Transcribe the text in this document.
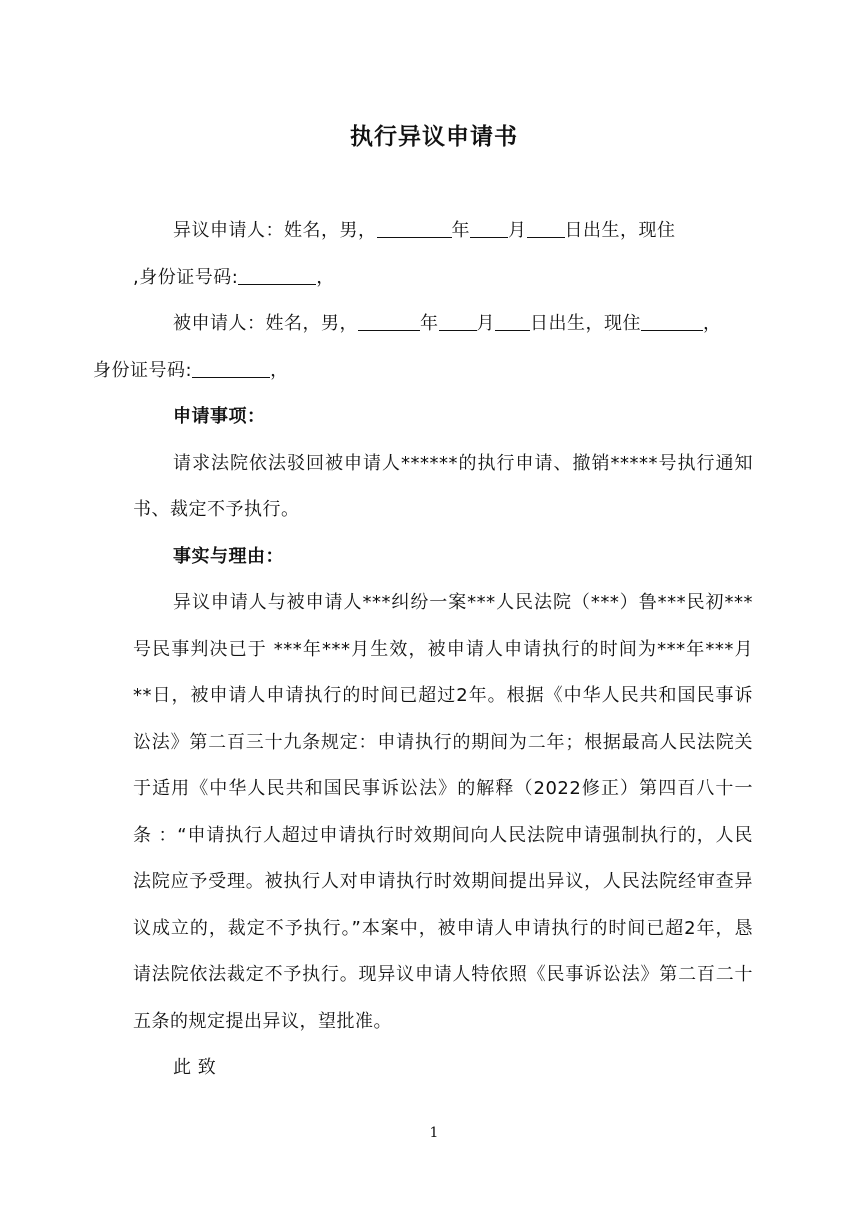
执行异议申请书

异议申请人：姓名，男，	年 月 日出生，现住
,身份证号码:	，

被申请人：姓名，男，	年 月 日出生，现住	，
身份证号码:	，

申请事项：

请求法院依法驳回被申请人******的执行申请、撤销*****号执行通知书、裁定不予执行。

事实与理由：

异议申请人与被申请人***纠纷一案***人民法院（***）鲁***民初***号民事判决已于 ***年***月生效，被申请人申请执行的时间为***年***月**日，被申请人申请执行的时间已超过2年。根据《中华人民共和国民事诉讼法》第二百三十九条规定：申请执行的期间为二年；根据最高人民法院关于适用《中华人民共和国民事诉讼法》的解释（2022修正）第四百八十一条 ：“申请执行人超过申请执行时效期间向人民法院申请强制执行的，人民法院应予受理。被执行人对申请执行时效期间提出异议，人民法院经审查异议成立的，裁定不予执行。”本案中，被申请人申请执行的时间已超2年，恳请法院依法裁定不予执行。现异议申请人特依照《民事诉讼法》第二百二十五条的规定提出异议，望批准。

此 致

1
